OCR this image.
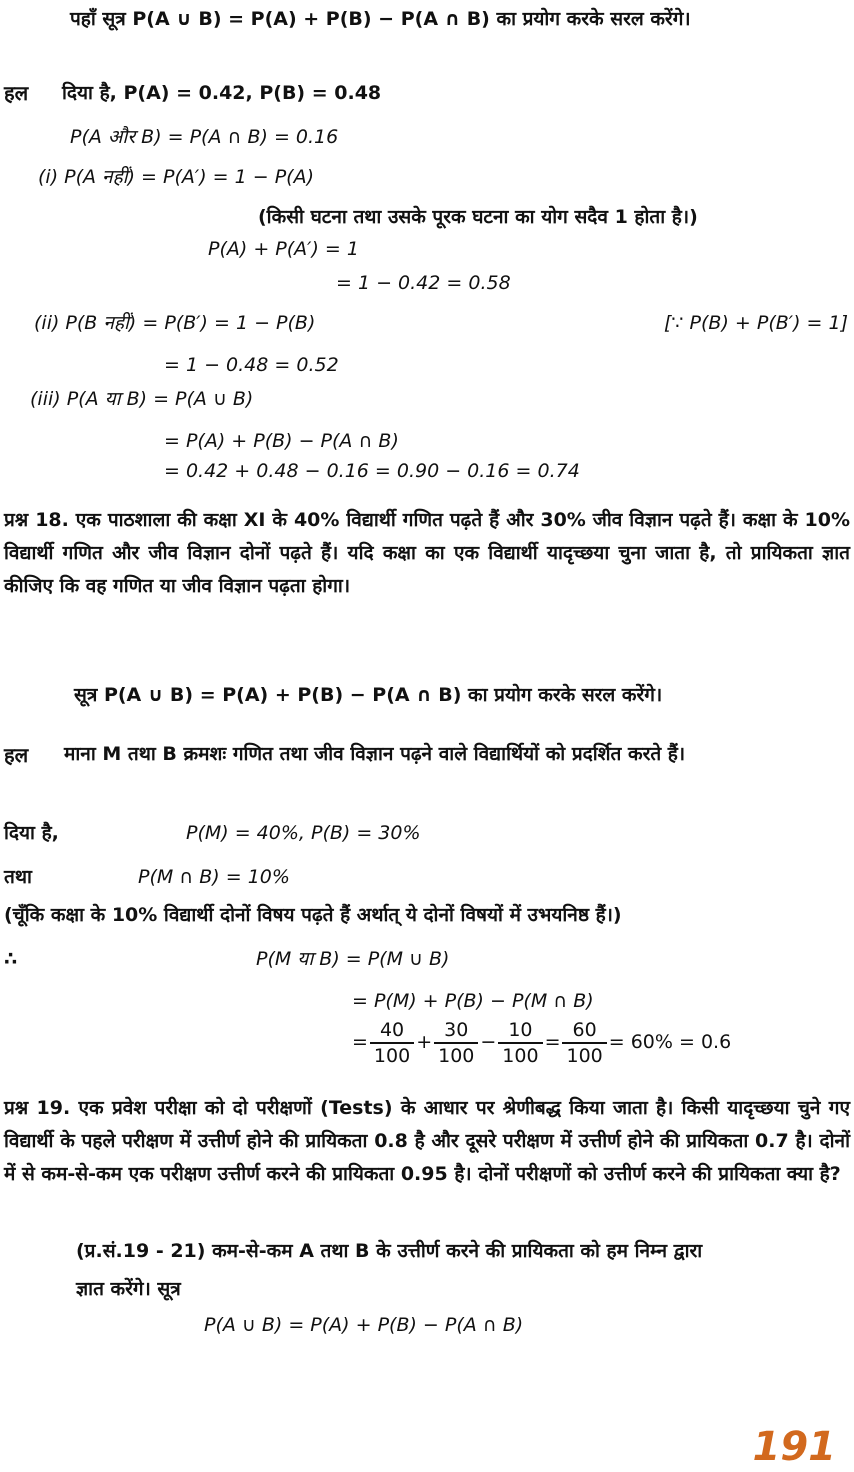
पहाँ सूत्र P(A ∪ B) = P(A) + P(B) − P(A ∩ B) का प्रयोग करके सरल करेंगे।
हल दिया है, P(A) = 0.42, P(B) = 0.48
P(A और B) = P(A ∩ B) = 0.16
(i) P(A नहीं) = P(A′) = 1 − P(A)
(किसी घटना तथा उसके पूरक घटना का योग सदैव 1 होता है।)
P(A) + P(A′) = 1
= 1 − 0.42 = 0.58
(ii) P(B नहीं) = P(B′) = 1 − P(B)	[∵ P(B) + P(B′) = 1]
= 1 − 0.48 = 0.52
(iii) P(A या B) = P(A ∪ B)
= P(A) + P(B) − P(A ∩ B)
= 0.42 + 0.48 − 0.16 = 0.90 − 0.16 = 0.74
प्रश्न 18. एक पाठशाला की कक्षा XI के 40% विद्यार्थी गणित पढ़ते हैं और 30% जीव विज्ञान पढ़ते हैं। कक्षा के 10% विद्यार्थी गणित और जीव विज्ञान दोनों पढ़ते हैं। यदि कक्षा का एक विद्यार्थी यादृच्छया चुना जाता है, तो प्रायिकता ज्ञात कीजिए कि वह गणित या जीव विज्ञान पढ़ता होगा।
सूत्र P(A ∪ B) = P(A) + P(B) − P(A ∩ B) का प्रयोग करके सरल करेंगे।
हल माना M तथा B क्रमशः गणित तथा जीव विज्ञान पढ़ने वाले विद्यार्थियों को प्रदर्शित करते हैं।
दिया है,	P(M) = 40%, P(B) = 30%
तथा	P(M ∩ B) = 10%
(चूँकि कक्षा के 10% विद्यार्थी दोनों विषय पढ़ते हैं अर्थात् ये दोनों विषयों में उभयनिष्ठ हैं।)
∴	P(M या B) = P(M ∪ B)
= P(M) + P(B) − P(M ∩ B)
= $\frac{40}{100} + \frac{30}{100} - \frac{10}{100} = \frac{60}{100} = 60\% = 0.6$
प्रश्न 19. एक प्रवेश परीक्षा को दो परीक्षणों (Tests) के आधार पर श्रेणीबद्ध किया जाता है। किसी यादृच्छया चुने गए विद्यार्थी के पहले परीक्षण में उत्तीर्ण होने की प्रायिकता 0.8 है और दूसरे परीक्षण में उत्तीर्ण होने की प्रायिकता 0.7 है। दोनों में से कम-से-कम एक परीक्षण उत्तीर्ण करने की प्रायिकता 0.95 है। दोनों परीक्षणों को उत्तीर्ण करने की प्रायिकता क्या है?
(प्र.सं.19 - 21) कम-से-कम A तथा B के उत्तीर्ण करने की प्रायिकता को हम निम्न द्वारा
ज्ञात करेंगे। सूत्र
P(A ∪ B) = P(A) + P(B) − P(A ∩ B)
191
